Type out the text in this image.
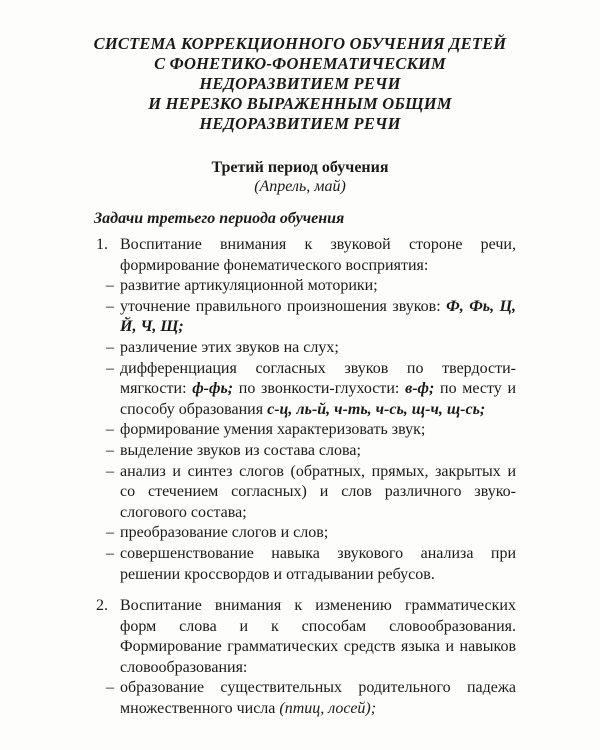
СИСТЕМА КОРРЕКЦИОННОГО ОБУЧЕНИЯ ДЕТЕЙ
С ФОНЕТИКО-ФОНЕМАТИЧЕСКИМ
НЕДОРАЗВИТИЕМ РЕЧИ
И НЕРЕЗКО ВЫРАЖЕННЫМ ОБЩИМ
НЕДОРАЗВИТИЕМ РЕЧИ
Третий период обучения
(Апрель, май)
Задачи третьего периода обучения
1. Воспитание внимания к звуковой стороне речи, формирование фонематического восприятия:

– развитие артикуляционной моторики;

– уточнение правильного произношения звуков: Ф, Фь, Ц, Й, Ч, Щ;

– различение этих звуков на слух;

– дифференциация согласных звуков по твердости-мягкости: ф-фь; по звонкости-глухости: в-ф; по месту и способу образования с-ц, ль-й, ч-ть, ч-сь, щ-ч, щ-сь;

– формирование умения характеризовать звук;

– выделение звуков из состава слова;

– анализ и синтез слогов (обратных, прямых, закрытых и со стечением согласных) и слов различного звуко-слогового состава;

– преобразование слогов и слов;

– совершенствование навыка звукового анализа при решении кроссвордов и отгадывании ребусов.

2. Воспитание внимания к изменению грамматических форм слова и к способам словообразования. Формирование грамматических средств языка и навыков словообразования:

– образование существительных родительного падежа множественного числа (птиц, лосей);
